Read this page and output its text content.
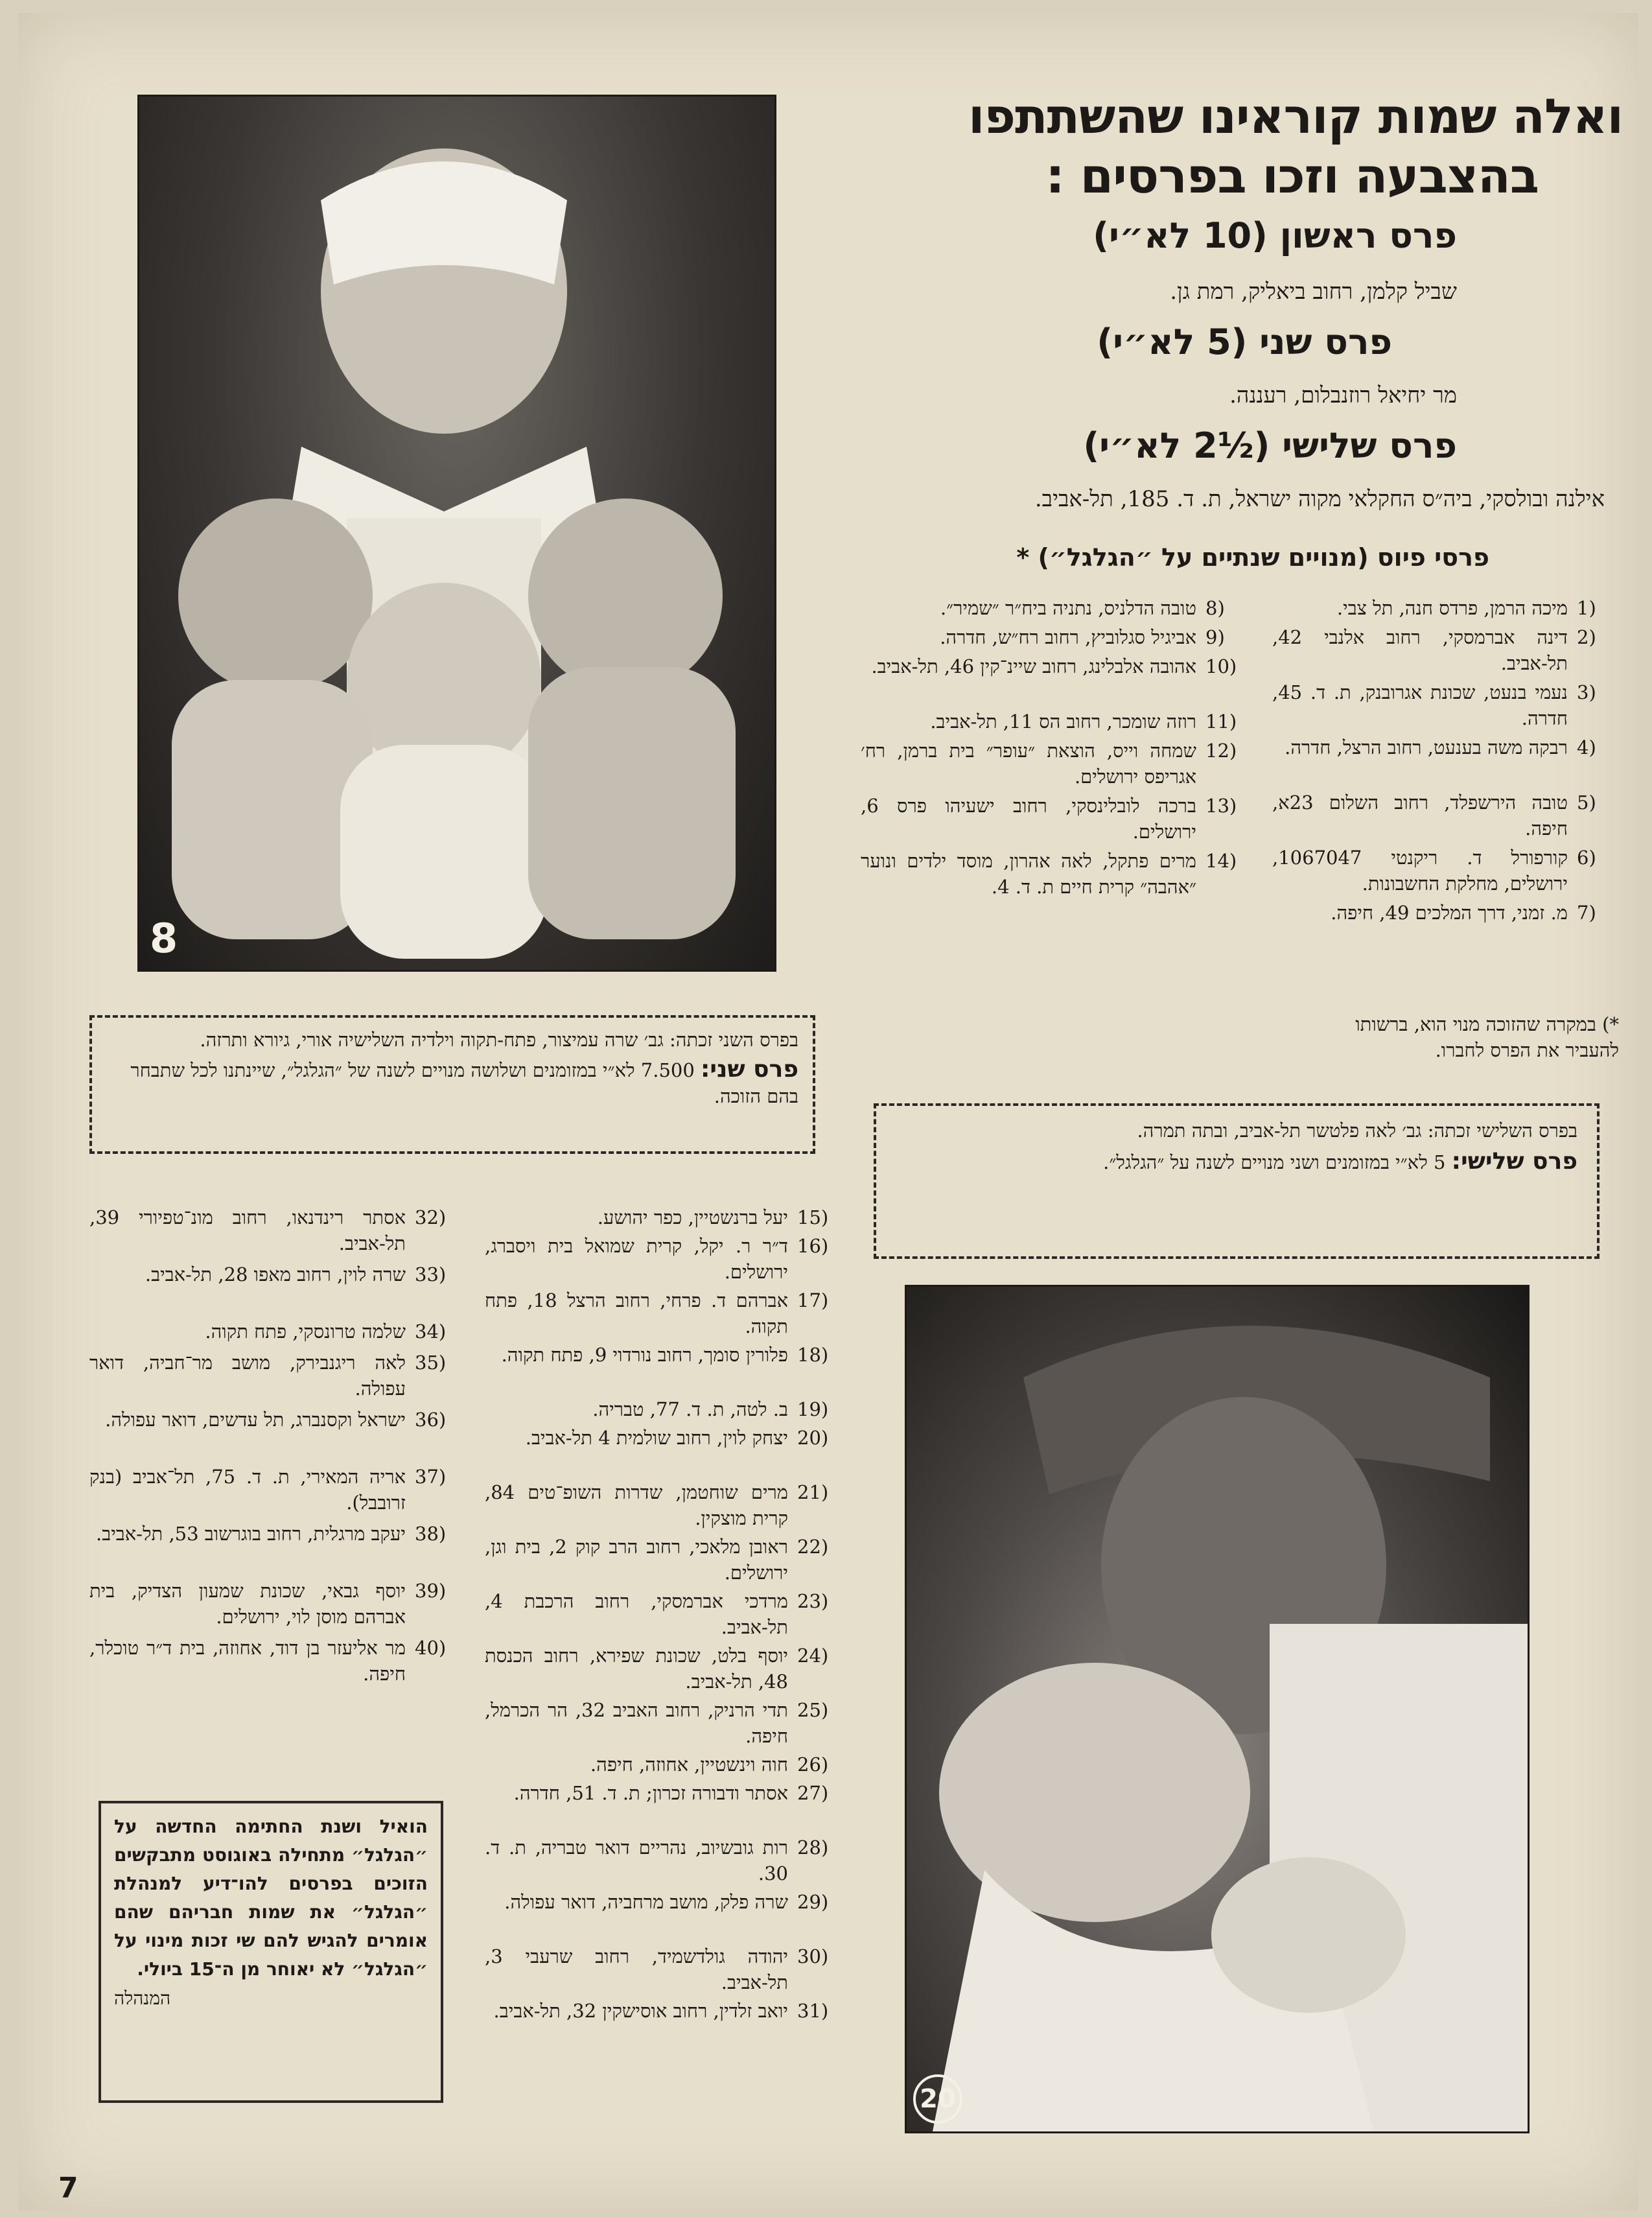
8
ואלה שמות קוראינו שהשתתפו
בהצבעה וזכו בפרסים :
פרס ראשון (10 לא״י)
שביל קלמן, רחוב ביאליק, רמת גן.
פרס שני (5 לא״י)
מר יחיאל רוזנבלום, רעננה.
פרס שלישי (½2 לא״י)
אילנה ובולסקי, ביה״ס החקלאי מקוה ישראל, ת. ד. 185, תל-אביב.
פרסי פיוס (מנויים שנתיים על ״הגלגל״) *
מיכה הרמן, פרדס חנה, תל צבי. (1
דינה אברמסקי, רחוב אלנבי 42, תל-אביב.
(2
נעמי בנעט, שכונת אגרובנק, ת. ד. 45, חדרה.
(3
רבקה משה בענעט, רחוב הרצל, חדרה. (4
טובה הירשפלד, רחוב השלום 23א, חיפה.
(5
קורפורל ד. ריקנטי 1067047, ירושלים, מחלקת החשבונות.
(6
מ. זמני, דרך המלכים 49, חיפה. (7
טובה הדלניס, נתניה ביח״ר ״שמיר״. (8
אביגיל סגלוביץ, רחוב רח״ש, חדרה. (9
אהובה אלבלינג, רחוב שיינ־קין 46, תל-אביב. (10
רוזה שומכר, רחוב הס 11, תל-אביב. (11
שמחה וייס, הוצאת ״עופר״ בית ברמן, רח׳ אגריפס ירושלים.
(12
ברכה לובלינסקי, רחוב ישעיהו פרס 6, ירושלים.
(13
מרים פתקל, לאה אהרון, מוסד ילדים ונוער ״אהבה״ קרית חיים ת. ד. 4.
(14
*) במקרה שהזוכה מנוי הוא, ברשותו להעביר את הפרס לחברו.
בפרס השני זכתה: גב׳ שרה עמיצור, פתח-תקוה וילדיה השלישיה אורי, גיורא ותרזה.
פרס שני: 7.500 לא״י במזומנים ושלושה מנויים לשנה של ״הגלגל״, שיינתנו לכל שתבחר בהם הזוכה.
בפרס השלישי זכתה: גב׳ לאה פלטשר תל-אביב, ובתה תמרה.
פרס שלישי: 5 לא״י במזומנים ושני מנויים לשנה על ״הגלגל״.
יעל ברנשטיין, כפר יהושע. (15
ד״ר ר. יקל, קרית שמואל בית ויסברג, ירושלים.
(16
אברהם ד. פרחי, רחוב הרצל 18, פתח תקוה.
(17
פלורין סומך, רחוב נורדוי 9, פתח תקוה. (18
ב. לטה, ת. ד. 77, טבריה. (19
יצחק לוין, רחוב שולמית 4 תל-אביב. (20
מרים שוחטמן, שדרות השופ־טים 84, קרית מוצקין.
(21
ראובן מלאכי, רחוב הרב קוק 2, בית וגן, ירושלים.
(22
מרדכי אברמסקי, רחוב הרכבת 4, תל-אביב.
(23
יוסף בלט, שכונת שפירא, רחוב הכנסת 48, תל-אביב.
(24
תדי הרניק, רחוב האביב 32, הר הכרמל, חיפה.
(25
חוה וינשטיין, אחוזה, חיפה. (26
אסתר ודבורה זכרון; ת. ד. 51, חדרה. (27
רות גובשיוב, נהריים דואר טבריה, ת. ד. 30.
(28
שרה פלק, מושב מרחביה, דואר עפולה. (29
יהודה גולדשמיד, רחוב שרעבי 3, תל-אביב.
(30
יואב זלדין, רחוב אוסישקין 32, תל-אביב. (31
אסתר רינדנאו, רחוב מונ־טפיורי 39, תל-אביב.
(32
שרה לוין, רחוב מאפו 28, תל-אביב. (33
שלמה טרונסקי, פתח תקוה. (34
לאה ריגנבירק, מושב מר־חביה, דואר עפולה.
(35
ישראל וקסנברג, תל עדשים, דואר עפולה. (36
אריה המאירי, ת. ד. 75, תל־אביב (בנק זרובבל).
(37
יעקב מרגלית, רחוב בוגרשוב 53, תל-אביב. (38
יוסף גבאי, שכונת שמעון הצדיק, בית אברהם מוסן לוי, ירושלים.
(39
מר אליעזר בן דוד, אחוזה, בית ד״ר טוכלר, חיפה.
(40
הואיל ושנת החתימה החדשה על ״הגלגל״ מתחילה באוגוסט מתבקשים הזוכים בפרסים להו־דיע למנהלת ״הגלגל״ את שמות חבריהם שהם אומרים להגיש להם שי זכות מינוי על ״הגלגל״ לא יאוחר מן ה־15 ביולי.
המנהלה
20
7
